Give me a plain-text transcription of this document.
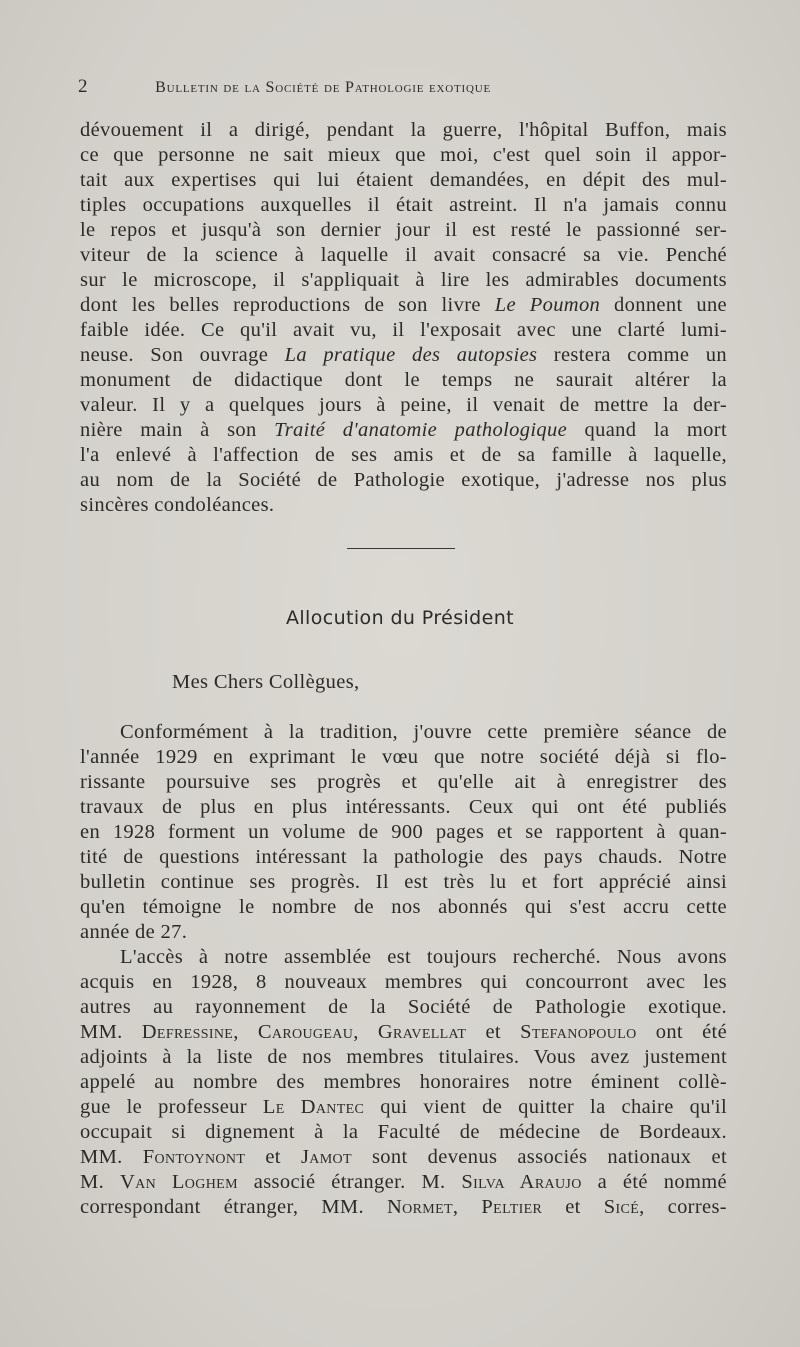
2	Bulletin de la Société de Pathologie exotique
dévouement il a dirigé, pendant la guerre, l'hôpital Buffon, mais
ce que personne ne sait mieux que moi, c'est quel soin il appor-
tait aux expertises qui lui étaient demandées, en dépit des mul-
tiples occupations auxquelles il était astreint. Il n'a jamais connu
le repos et jusqu'à son dernier jour il est resté le passionné ser-
viteur de la science à laquelle il avait consacré sa vie. Penché
sur le microscope, il s'appliquait à lire les admirables documents
dont les belles reproductions de son livre Le Poumon donnent une
faible idée. Ce qu'il avait vu, il l'exposait avec une clarté lumi-
neuse. Son ouvrage La pratique des autopsies restera comme un
monument de didactique dont le temps ne saurait altérer la
valeur. Il y a quelques jours à peine, il venait de mettre la der-
nière main à son Traité d'anatomie pathologique quand la mort
l'a enlevé à l'affection de ses amis et de sa famille à laquelle,
au nom de la Société de Pathologie exotique, j'adresse nos plus
sincères condoléances.
Allocution du Président
Mes Chers Collègues,
Conformément à la tradition, j'ouvre cette première séance de
l'année 1929 en exprimant le vœu que notre société déjà si flo-
rissante poursuive ses progrès et qu'elle ait à enregistrer des
travaux de plus en plus intéressants. Ceux qui ont été publiés
en 1928 forment un volume de 900 pages et se rapportent à quan-
tité de questions intéressant la pathologie des pays chauds. Notre
bulletin continue ses progrès. Il est très lu et fort apprécié ainsi
qu'en témoigne le nombre de nos abonnés qui s'est accru cette
année de 27.
L'accès à notre assemblée est toujours recherché. Nous avons
acquis en 1928, 8 nouveaux membres qui concourront avec les
autres au rayonnement de la Société de Pathologie exotique.
MM. Defressine, Carougeau, Gravellat et Stefanopoulo ont été
adjoints à la liste de nos membres titulaires. Vous avez justement
appelé au nombre des membres honoraires notre éminent collè-
gue le professeur Le Dantec qui vient de quitter la chaire qu'il
occupait si dignement à la Faculté de médecine de Bordeaux.
MM. Fontoynont et Jamot sont devenus associés nationaux et
M. Van Loghem associé étranger. M. Silva Araujo a été nommé
correspondant étranger, MM. Normet, Peltier et Sicé, corres-
